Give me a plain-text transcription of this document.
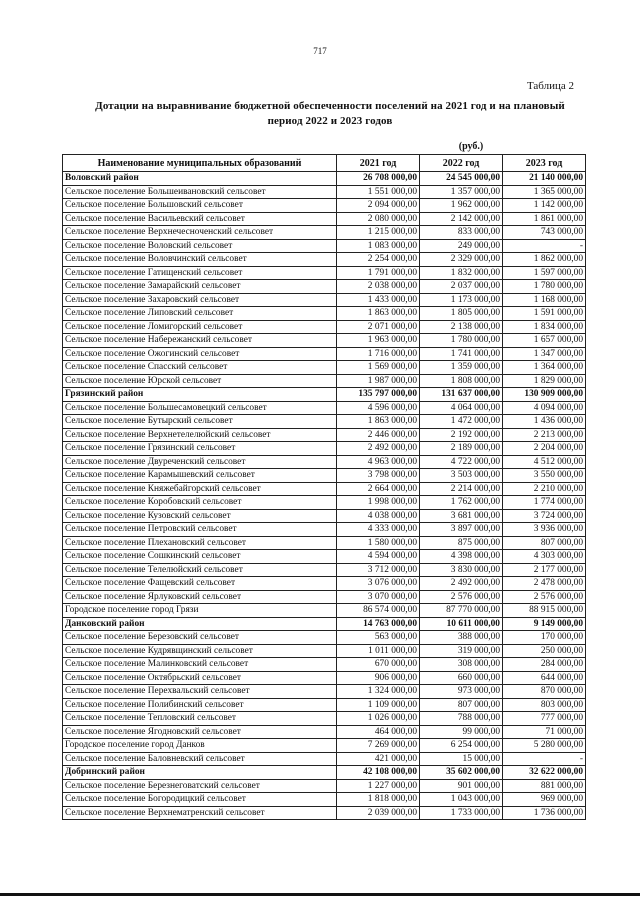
717
Таблица 2
Дотации на выравнивание бюджетной обеспеченности поселений на 2021 год и на плановый
период 2022 и 2023 годов
(руб.)
Наименование муниципальных образований	2021 год	2022 год	2023 год
Воловский район	26 708 000,00	24 545 000,00	21 140 000,00
Сельское поселение Большеивановский сельсовет	1 551 000,00	1 357 000,00	1 365 000,00
Сельское поселение Большовский сельсовет	2 094 000,00	1 962 000,00	1 142 000,00
Сельское поселение Васильевский сельсовет	2 080 000,00	2 142 000,00	1 861 000,00
Сельское поселение Верхнечесноченский сельсовет	1 215 000,00	833 000,00	743 000,00
Сельское поселение Воловский сельсовет	1 083 000,00	249 000,00	-
Сельское поселение Воловчинский сельсовет	2 254 000,00	2 329 000,00	1 862 000,00
Сельское поселение Гатищенский сельсовет	1 791 000,00	1 832 000,00	1 597 000,00
Сельское поселение Замарайский сельсовет	2 038 000,00	2 037 000,00	1 780 000,00
Сельское поселение Захаровский сельсовет	1 433 000,00	1 173 000,00	1 168 000,00
Сельское поселение Липовский сельсовет	1 863 000,00	1 805 000,00	1 591 000,00
Сельское поселение Ломигорский сельсовет	2 071 000,00	2 138 000,00	1 834 000,00
Сельское поселение Набережанский сельсовет	1 963 000,00	1 780 000,00	1 657 000,00
Сельское поселение Ожогинский сельсовет	1 716 000,00	1 741 000,00	1 347 000,00
Сельское поселение Спасский сельсовет	1 569 000,00	1 359 000,00	1 364 000,00
Сельское поселение Юрской сельсовет	1 987 000,00	1 808 000,00	1 829 000,00
Грязинский район	135 797 000,00	131 637 000,00	130 909 000,00
Сельское поселение Большесамовецкий сельсовет	4 596 000,00	4 064 000,00	4 094 000,00
Сельское поселение Бутырский сельсовет	1 863 000,00	1 472 000,00	1 436 000,00
Сельское поселение Верхнетелелюйский сельсовет	2 446 000,00	2 192 000,00	2 213 000,00
Сельское поселение Грязинский сельсовет	2 492 000,00	2 189 000,00	2 204 000,00
Сельское поселение Двуреченский сельсовет	4 963 000,00	4 722 000,00	4 512 000,00
Сельское поселение Карамышевский сельсовет	3 798 000,00	3 503 000,00	3 550 000,00
Сельское поселение Княжебайгорский сельсовет	2 664 000,00	2 214 000,00	2 210 000,00
Сельское поселение Коробовский сельсовет	1 998 000,00	1 762 000,00	1 774 000,00
Сельское поселение Кузовский сельсовет	4 038 000,00	3 681 000,00	3 724 000,00
Сельское поселение Петровский сельсовет	4 333 000,00	3 897 000,00	3 936 000,00
Сельское поселение Плехановский сельсовет	1 580 000,00	875 000,00	807 000,00
Сельское поселение Сошкинский сельсовет	4 594 000,00	4 398 000,00	4 303 000,00
Сельское поселение Телелюйский сельсовет	3 712 000,00	3 830 000,00	2 177 000,00
Сельское поселение Фащевский сельсовет	3 076 000,00	2 492 000,00	2 478 000,00
Сельское поселение Ярлуковский сельсовет	3 070 000,00	2 576 000,00	2 576 000,00
Городское поселение город Грязи	86 574 000,00	87 770 000,00	88 915 000,00
Данковский район	14 763 000,00	10 611 000,00	9 149 000,00
Сельское поселение Березовский сельсовет	563 000,00	388 000,00	170 000,00
Сельское поселение Кудрявщинский сельсовет	1 011 000,00	319 000,00	250 000,00
Сельское поселение Малинковский сельсовет	670 000,00	308 000,00	284 000,00
Сельское поселение Октябрьский сельсовет	906 000,00	660 000,00	644 000,00
Сельское поселение Перехвальский сельсовет	1 324 000,00	973 000,00	870 000,00
Сельское поселение Полибинский сельсовет	1 109 000,00	807 000,00	803 000,00
Сельское поселение Тепловский сельсовет	1 026 000,00	788 000,00	777 000,00
Сельское поселение Ягодновский сельсовет	464 000,00	99 000,00	71 000,00
Городское поселение город Данков	7 269 000,00	6 254 000,00	5 280 000,00
Сельское поселение Баловневский сельсовет	421 000,00	15 000,00	-
Добринский район	42 108 000,00	35 602 000,00	32 622 000,00
Сельское поселение Березнеговатский сельсовет	1 227 000,00	901 000,00	881 000,00
Сельское поселение Богородицкий сельсовет	1 818 000,00	1 043 000,00	969 000,00
Сельское поселение Верхнематренский сельсовет	2 039 000,00	1 733 000,00	1 736 000,00
